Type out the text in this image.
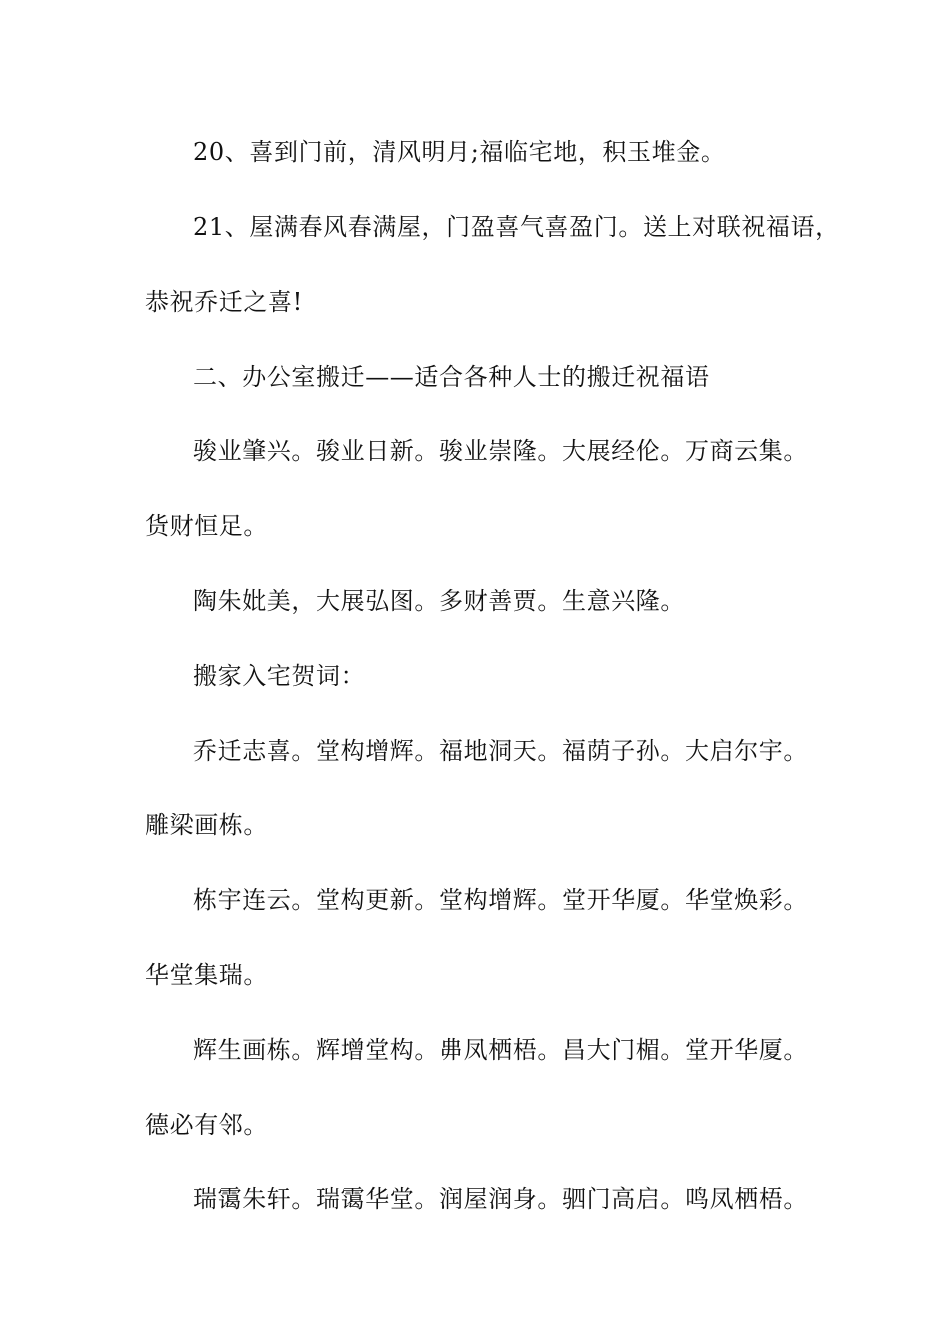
20、喜到门前，清风明月;福临宅地，积玉堆金。
21、屋满春风春满屋，门盈喜气喜盈门。送上对联祝福语，
恭祝乔迁之喜!
二、办公室搬迁——适合各种人士的搬迁祝福语
骏业肇兴。骏业日新。骏业崇隆。大展经伦。万商云集。
货财恒足。
陶朱妣美，大展弘图。多财善贾。生意兴隆。
搬家入宅贺词：
乔迁志喜。堂构增辉。福地洞天。福荫子孙。大启尔宇。
雕梁画栋。
栋宇连云。堂构更新。堂构增辉。堂开华厦。华堂焕彩。
华堂集瑞。
辉生画栋。辉增堂构。丳凤栖梧。昌大门楣。堂开华厦。
德必有邻。
瑞霭朱轩。瑞霭华堂。润屋润身。驷门高启。鸣凤栖梧。
